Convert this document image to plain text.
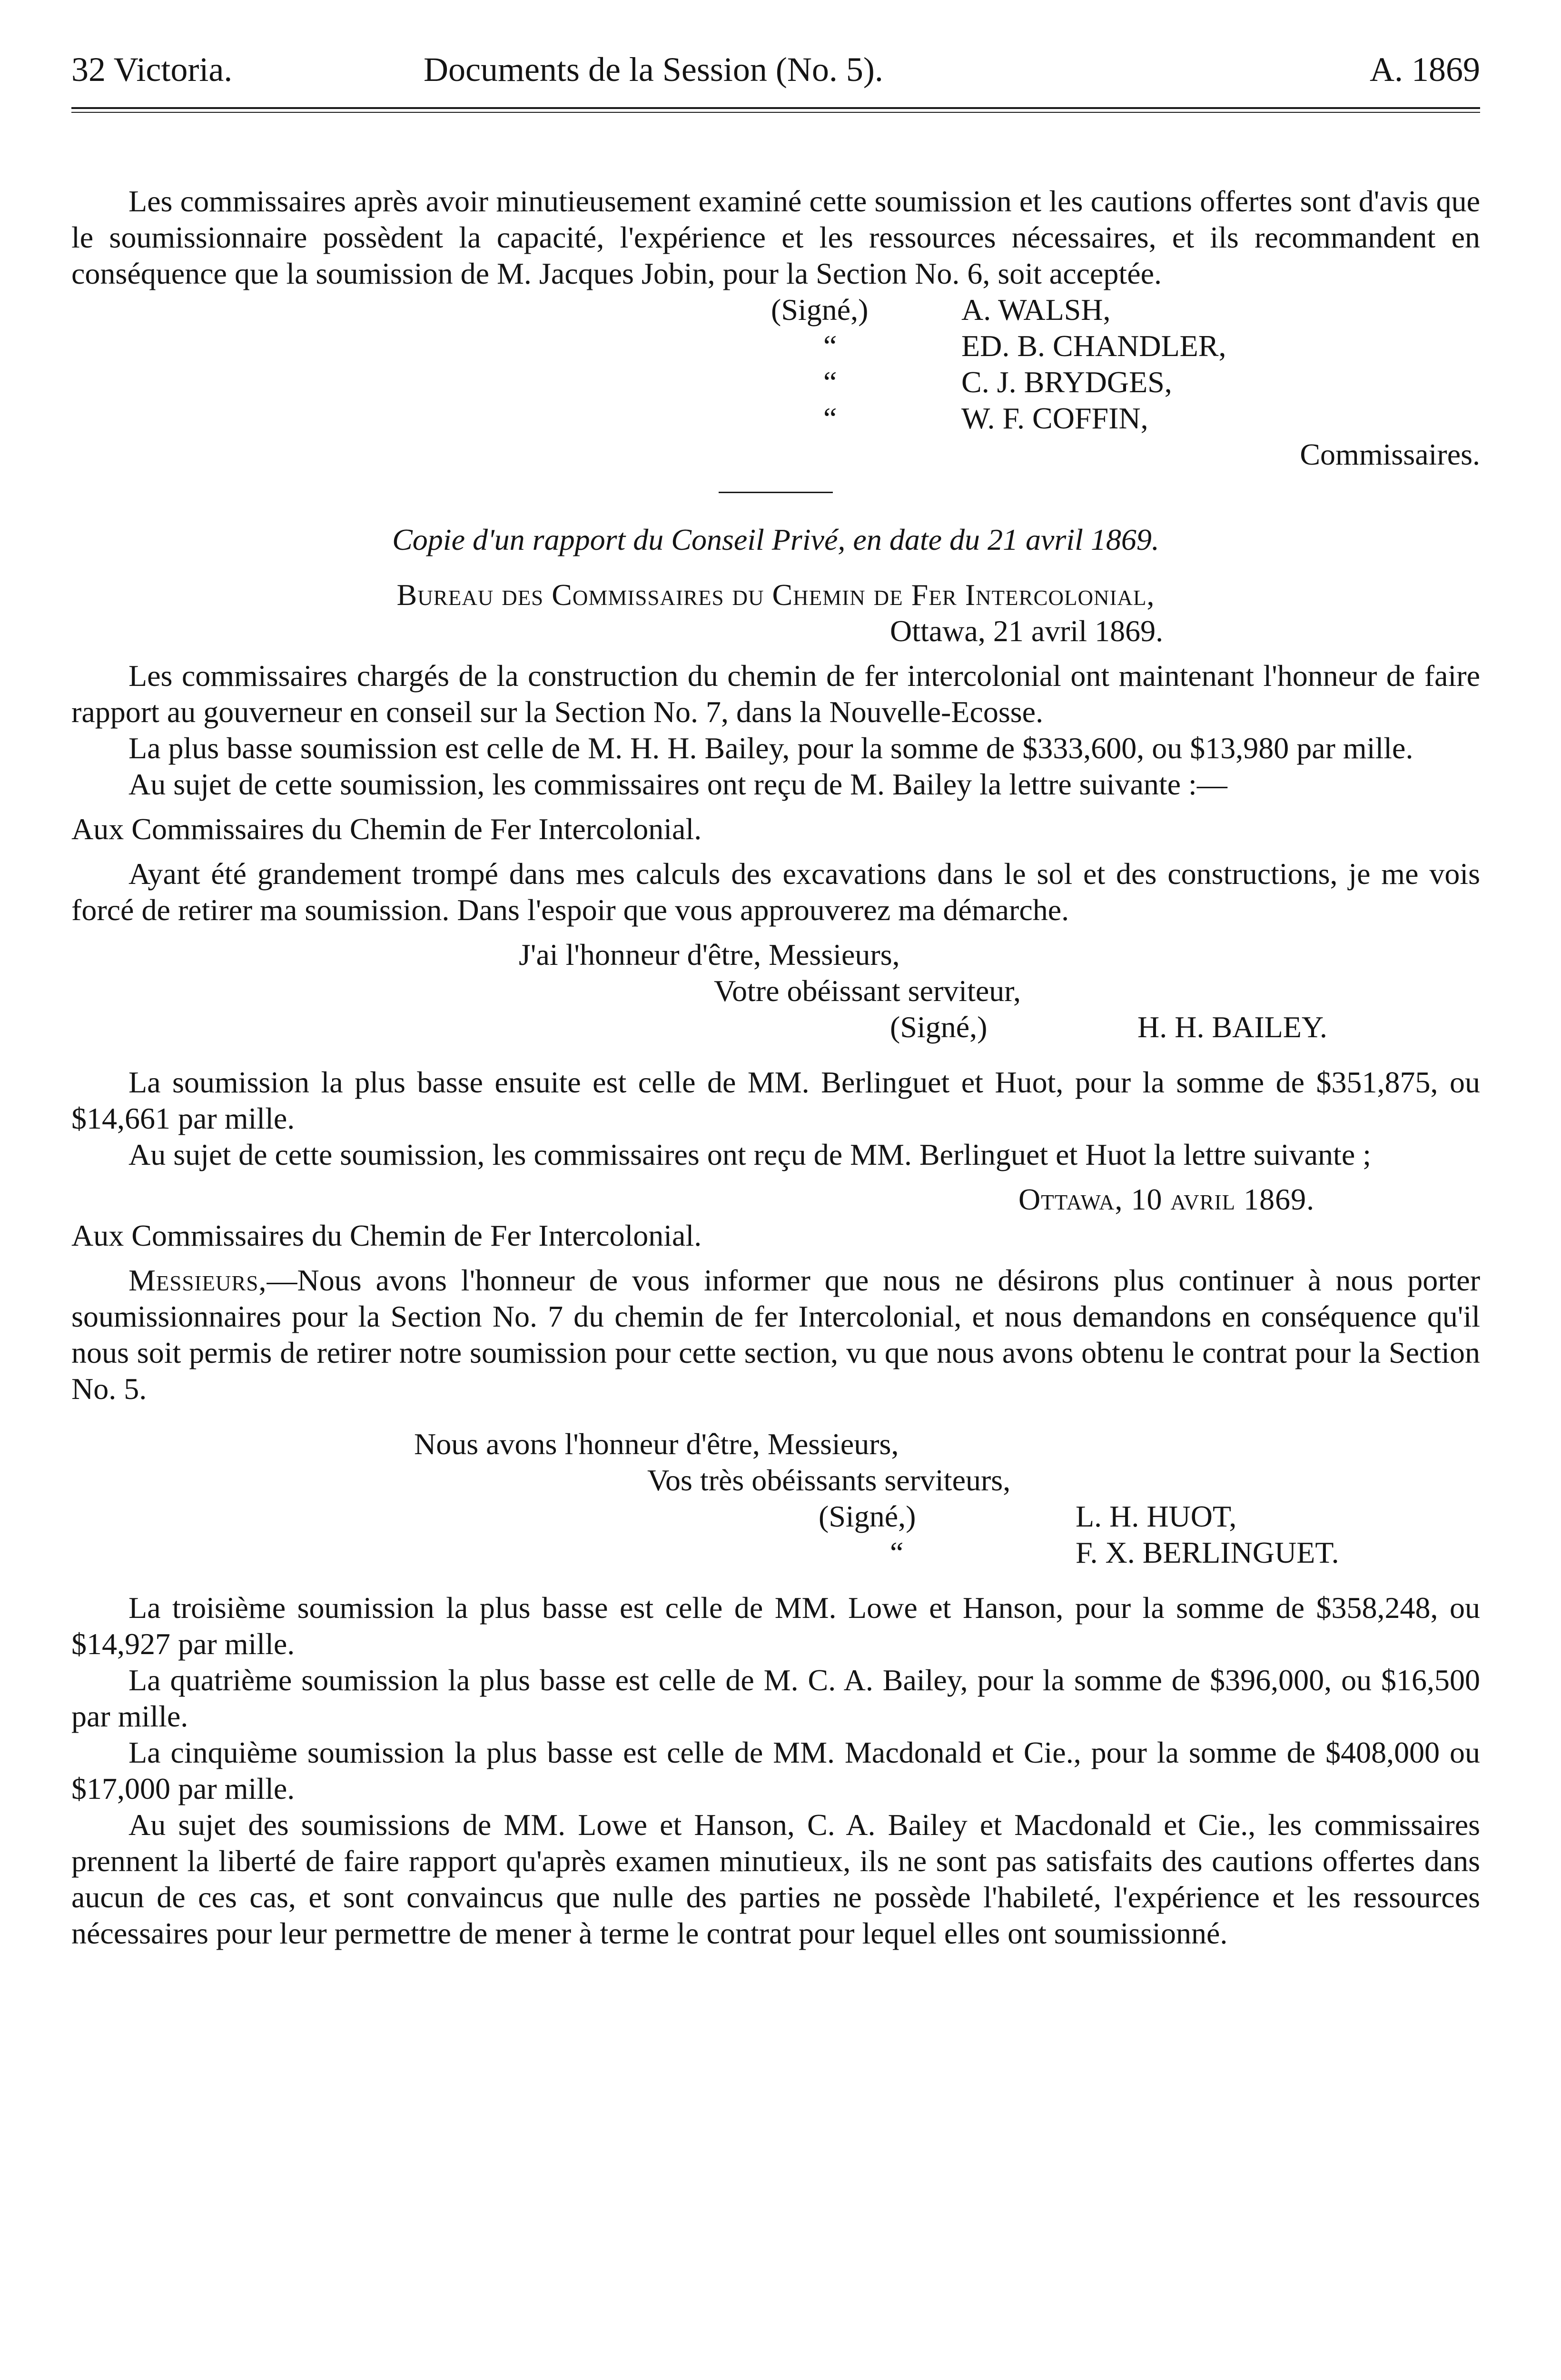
32 Victoria.	Documents de la Session (No. 5).	A. 1869

Les commissaires après avoir minutieusement examiné cette soumission et les cautions offertes sont d'avis que le soumissionnaire possèdent la capacité, l'expérience et les ressources nécessaires, et ils recommandent en conséquence que la soumission de M. Jacques Jobin, pour la Section No. 6, soit acceptée.

(Signé,)	A. WALSH,
“	ED. B. CHANDLER,
“	C. J. BRYDGES,
“	W. F. COFFIN,
Commissaires.

Copie d'un rapport du Conseil Privé, en date du 21 avril 1869.

Bureau des Commissaires du Chemin de Fer Intercolonial,

Ottawa, 21 avril 1869.

Les commissaires chargés de la construction du chemin de fer intercolonial ont maintenant l'honneur de faire rapport au gouverneur en conseil sur la Section No. 7, dans la Nouvelle-Ecosse.

La plus basse soumission est celle de M. H. H. Bailey, pour la somme de $333,600, ou $13,980 par mille.

Au sujet de cette soumission, les commissaires ont reçu de M. Bailey la lettre suivante :—

Aux Commissaires du Chemin de Fer Intercolonial.

Ayant été grandement trompé dans mes calculs des excavations dans le sol et des constructions, je me vois forcé de retirer ma soumission. Dans l'espoir que vous approuverez ma démarche.

J'ai l'honneur d'être, Messieurs,

Votre obéissant serviteur,

(Signé,)	H. H. BAILEY.

La soumission la plus basse ensuite est celle de MM. Berlinguet et Huot, pour la somme de $351,875, ou $14,661 par mille.

Au sujet de cette soumission, les commissaires ont reçu de MM. Berlinguet et Huot la lettre suivante ;

Ottawa, 10 avril 1869.

Aux Commissaires du Chemin de Fer Intercolonial.

Messieurs,—Nous avons l'honneur de vous informer que nous ne désirons plus continuer à nous porter soumissionnaires pour la Section No. 7 du chemin de fer Intercolonial, et nous demandons en conséquence qu'il nous soit permis de retirer notre soumission pour cette section, vu que nous avons obtenu le contrat pour la Section No. 5.

Nous avons l'honneur d'être, Messieurs,

Vos très obéissants serviteurs,

(Signé,)	L. H. HUOT,
“	F. X. BERLINGUET.

La troisième soumission la plus basse est celle de MM. Lowe et Hanson, pour la somme de $358,248, ou $14,927 par mille.

La quatrième soumission la plus basse est celle de M. C. A. Bailey, pour la somme de $396,000, ou $16,500 par mille.

La cinquième soumission la plus basse est celle de MM. Macdonald et Cie., pour la somme de $408,000 ou $17,000 par mille.

Au sujet des soumissions de MM. Lowe et Hanson, C. A. Bailey et Macdonald et Cie., les commissaires prennent la liberté de faire rapport qu'après examen minutieux, ils ne sont pas satisfaits des cautions offertes dans aucun de ces cas, et sont convaincus que nulle des parties ne possède l'habileté, l'expérience et les ressources nécessaires pour leur permettre de mener à terme le contrat pour lequel elles ont soumissionné.
